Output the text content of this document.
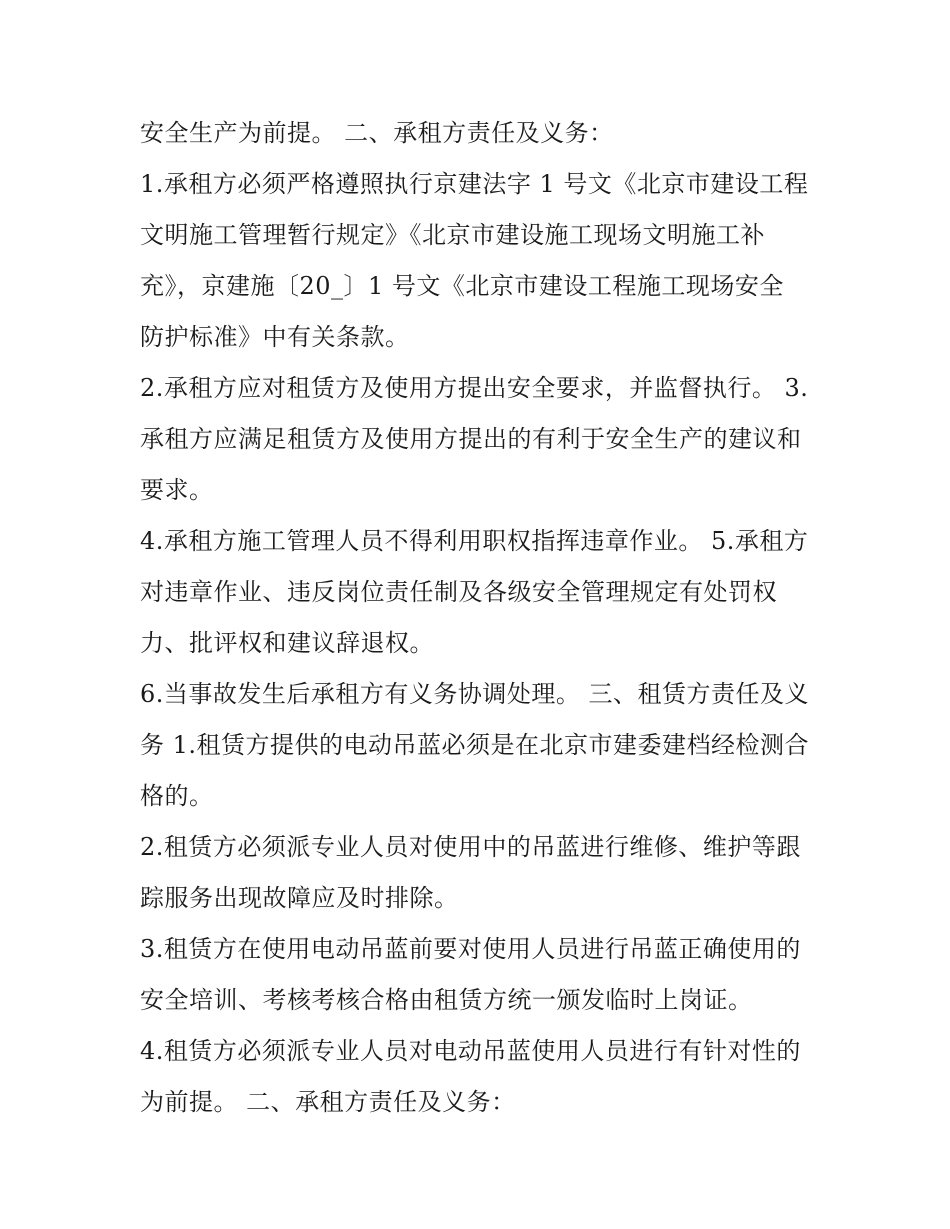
安全生产为前提。 二、承租方责任及义务：
1.承租方必须严格遵照执行京建法字 1 号文《北京市建设工程
文明施工管理暂行规定》《北京市建设施工现场文明施工补
充》，京建施〔20_〕1 号文《北京市建设工程施工现场安全
防护标准》中有关条款。
2.承租方应对租赁方及使用方提出安全要求，并监督执行。 3.
承租方应满足租赁方及使用方提出的有利于安全生产的建议和
要求。
4.承租方施工管理人员不得利用职权指挥违章作业。 5.承租方
对违章作业、违反岗位责任制及各级安全管理规定有处罚权
力、批评权和建议辞退权。
6.当事故发生后承租方有义务协调处理。 三、租赁方责任及义
务 1.租赁方提供的电动吊蓝必须是在北京市建委建档经检测合
格的。
2.租赁方必须派专业人员对使用中的吊蓝进行维修、维护等跟
踪服务出现故障应及时排除。
3.租赁方在使用电动吊蓝前要对使用人员进行吊蓝正确使用的
安全培训、考核考核合格由租赁方统一颁发临时上岗证。
4.租赁方必须派专业人员对电动吊蓝使用人员进行有针对性的
为前提。 二、承租方责任及义务：
